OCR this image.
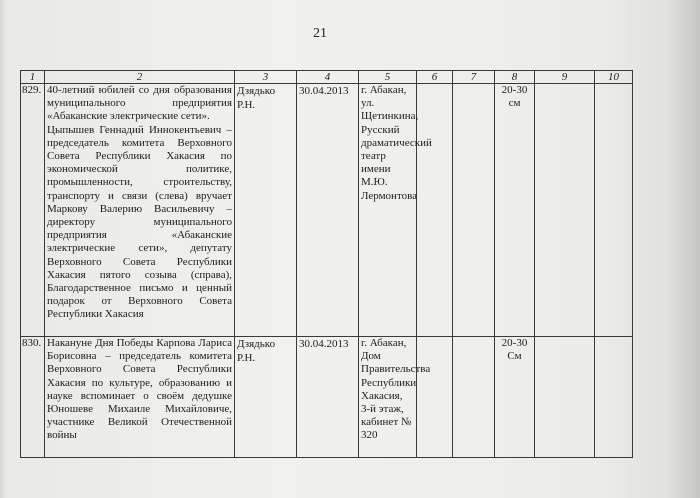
21
1	2	3	4	5	6	7	8	9	10
829.	40-летний юбилей со дня образования муниципального предприятия «Абаканские электрические сети».

Цыпышев Геннадий Иннокентьевич – председатель комитета Верховного Совета Республики Хакасия по экономической политике, промышленности, строительству, транспорту и связи (слева) вручает Маркову Валерию Васильевичу – директору муниципального предприятия «Абаканские электрические сети», депутату Верховного Совета Республики Хакасия пятого созыва (справа), Благодарственное письмо и ценный подарок от Верховного Совета Республики Хакасия	Дзядько Р.Н.	30.04.2013	г. Абакан, ул. Щетинкина, Русский драматический театр имени М.Ю. Лермонтова			20-30 см		
830.	Накануне Дня Победы Карпова Лариса Борисовна – председатель комитета Верховного Совета Республики Хакасия по культуре, образованию и науке вспоминает о своём дедушке Юношеве Михаиле Михайловиче, участнике Великой Отечественной войны	Дзядько Р.Н.	30.04.2013	г. Абакан, Дом Правительства Республики Хакасия, 3-й этаж, кабинет № 320			20-30 См		
